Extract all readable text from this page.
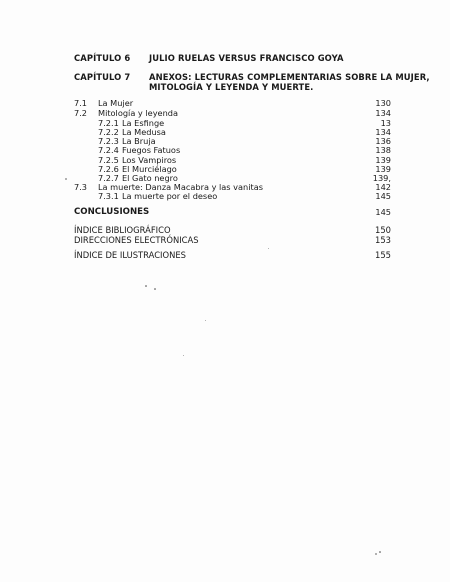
CAPÍTULO 6 JULIO RUELAS VERSUS FRANCISCO GOYA
CAPÍTULO 7 ANEXOS: LECTURAS COMPLEMENTARIAS SOBRE LA MUJER,
MITOLOGÍA Y LEYENDA Y MUERTE.
7.1 La Mujer	130
7.2 Mitología y leyenda	134
7.2.1 La Esfinge	13
7.2.2 La Medusa	134
7.2.3 La Bruja	136
7.2.4 Fuegos Fatuos	138
7.2.5 Los Vampiros	139
7.2.6 El Murciélago	139
7.2.7 El Gato negro	139,
7.3 La muerte: Danza Macabra y las vanitas	142
7.3.1 La muerte por el deseo	145
CONCLUSIONES	145
ÍNDICE BIBLIOGRÁFICO	150
DIRECCIONES ELECTRÓNICAS	153
ÍNDICE DE ILUSTRACIONES	155
